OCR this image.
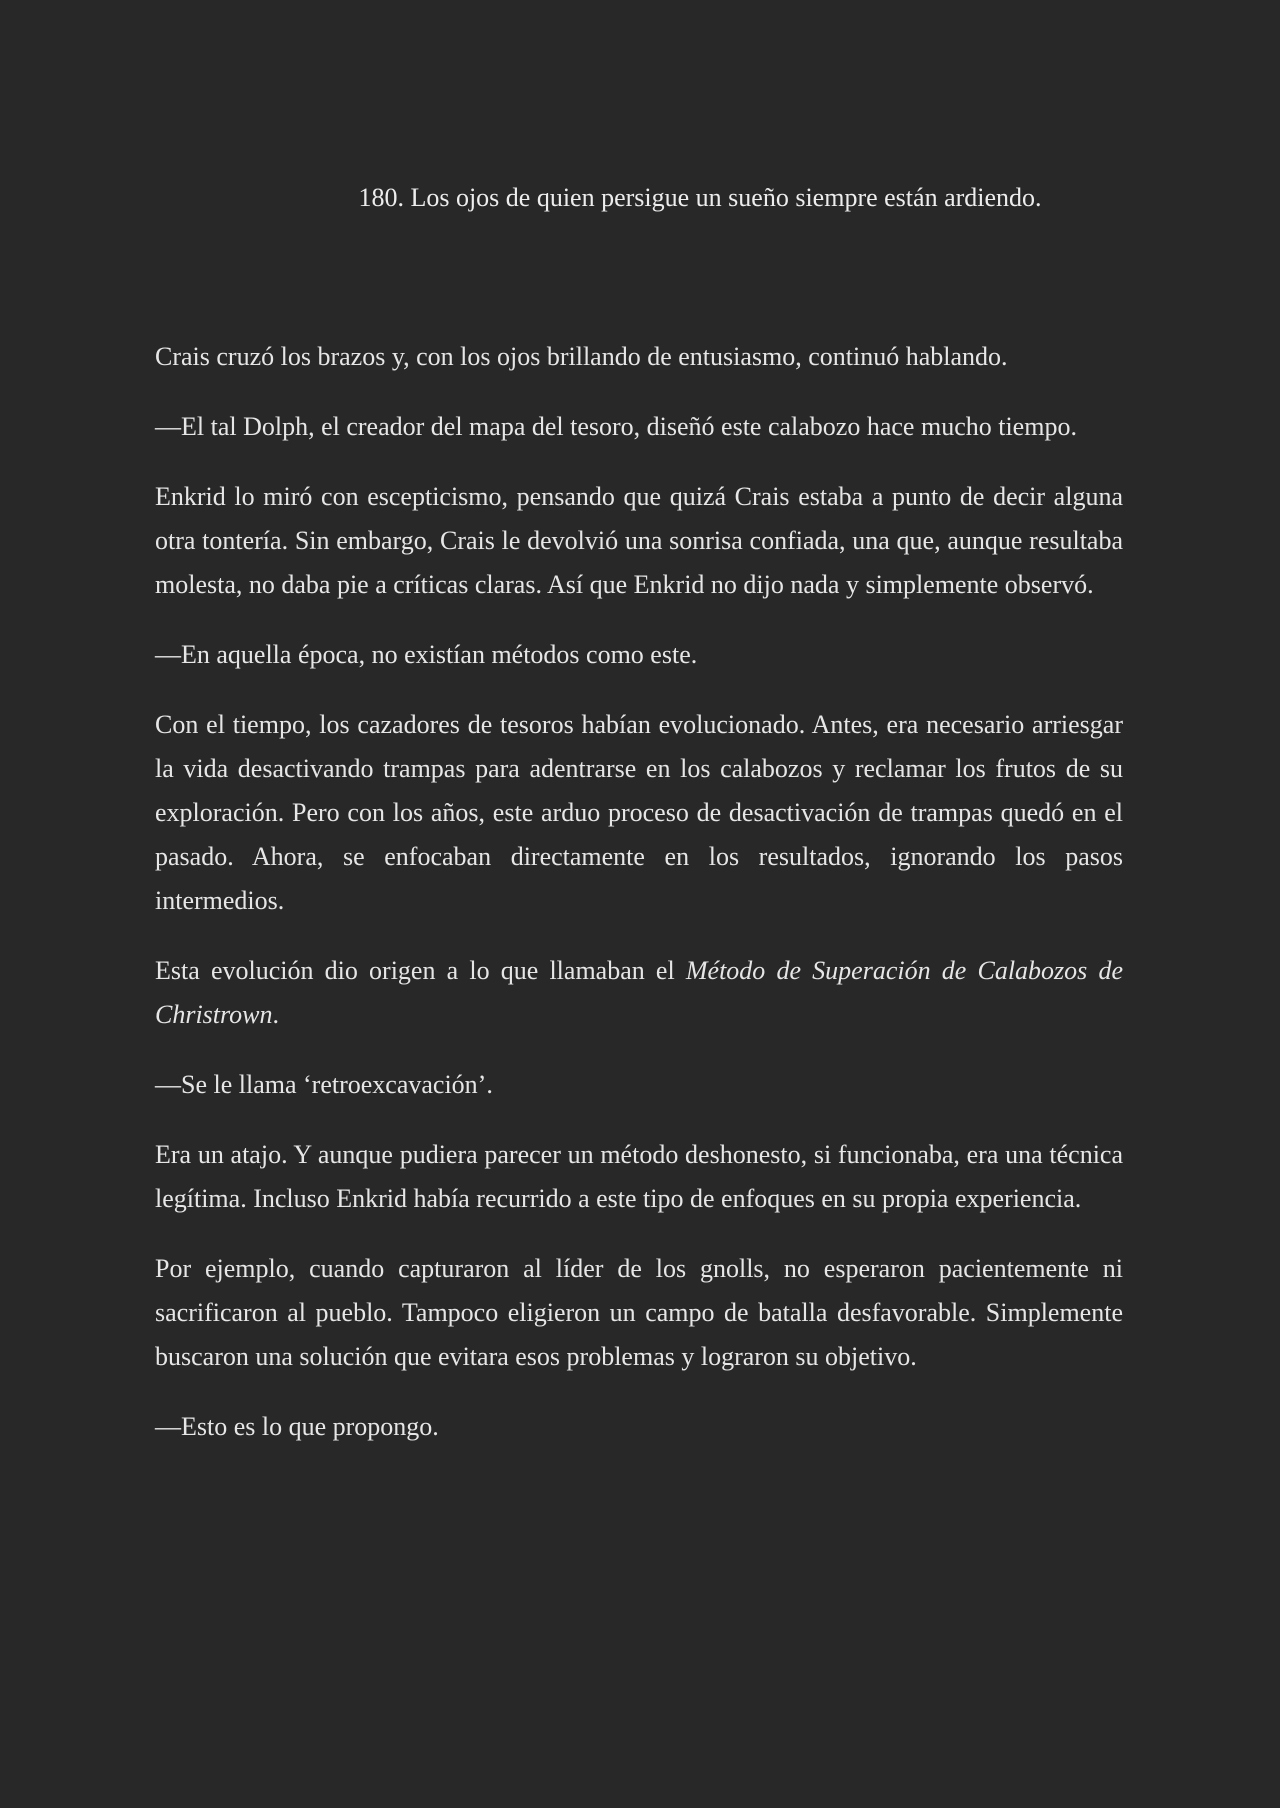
180. Los ojos de quien persigue un sueño siempre están ardiendo.

Crais cruzó los brazos y, con los ojos brillando de entusiasmo, continuó hablando.

—El tal Dolph, el creador del mapa del tesoro, diseñó este calabozo hace mucho tiempo.

Enkrid lo miró con escepticismo, pensando que quizá Crais estaba a punto de decir alguna otra tontería. Sin embargo, Crais le devolvió una sonrisa confiada, una que, aunque resultaba molesta, no daba pie a críticas claras. Así que Enkrid no dijo nada y simplemente observó.

—En aquella época, no existían métodos como este.

Con el tiempo, los cazadores de tesoros habían evolucionado. Antes, era necesario arriesgar la vida desactivando trampas para adentrarse en los calabozos y reclamar los frutos de su exploración. Pero con los años, este arduo proceso de desactivación de trampas quedó en el pasado. Ahora, se enfocaban directamente en los resultados, ignorando los pasos intermedios.

Esta evolución dio origen a lo que llamaban el Método de Superación de Calabozos de Christrown.

—Se le llama ‘retroexcavación’.

Era un atajo. Y aunque pudiera parecer un método deshonesto, si funcionaba, era una técnica legítima. Incluso Enkrid había recurrido a este tipo de enfoques en su propia experiencia.

Por ejemplo, cuando capturaron al líder de los gnolls, no esperaron pacientemente ni sacrificaron al pueblo. Tampoco eligieron un campo de batalla desfavorable. Simplemente buscaron una solución que evitara esos problemas y lograron su objetivo.

—Esto es lo que propongo.
